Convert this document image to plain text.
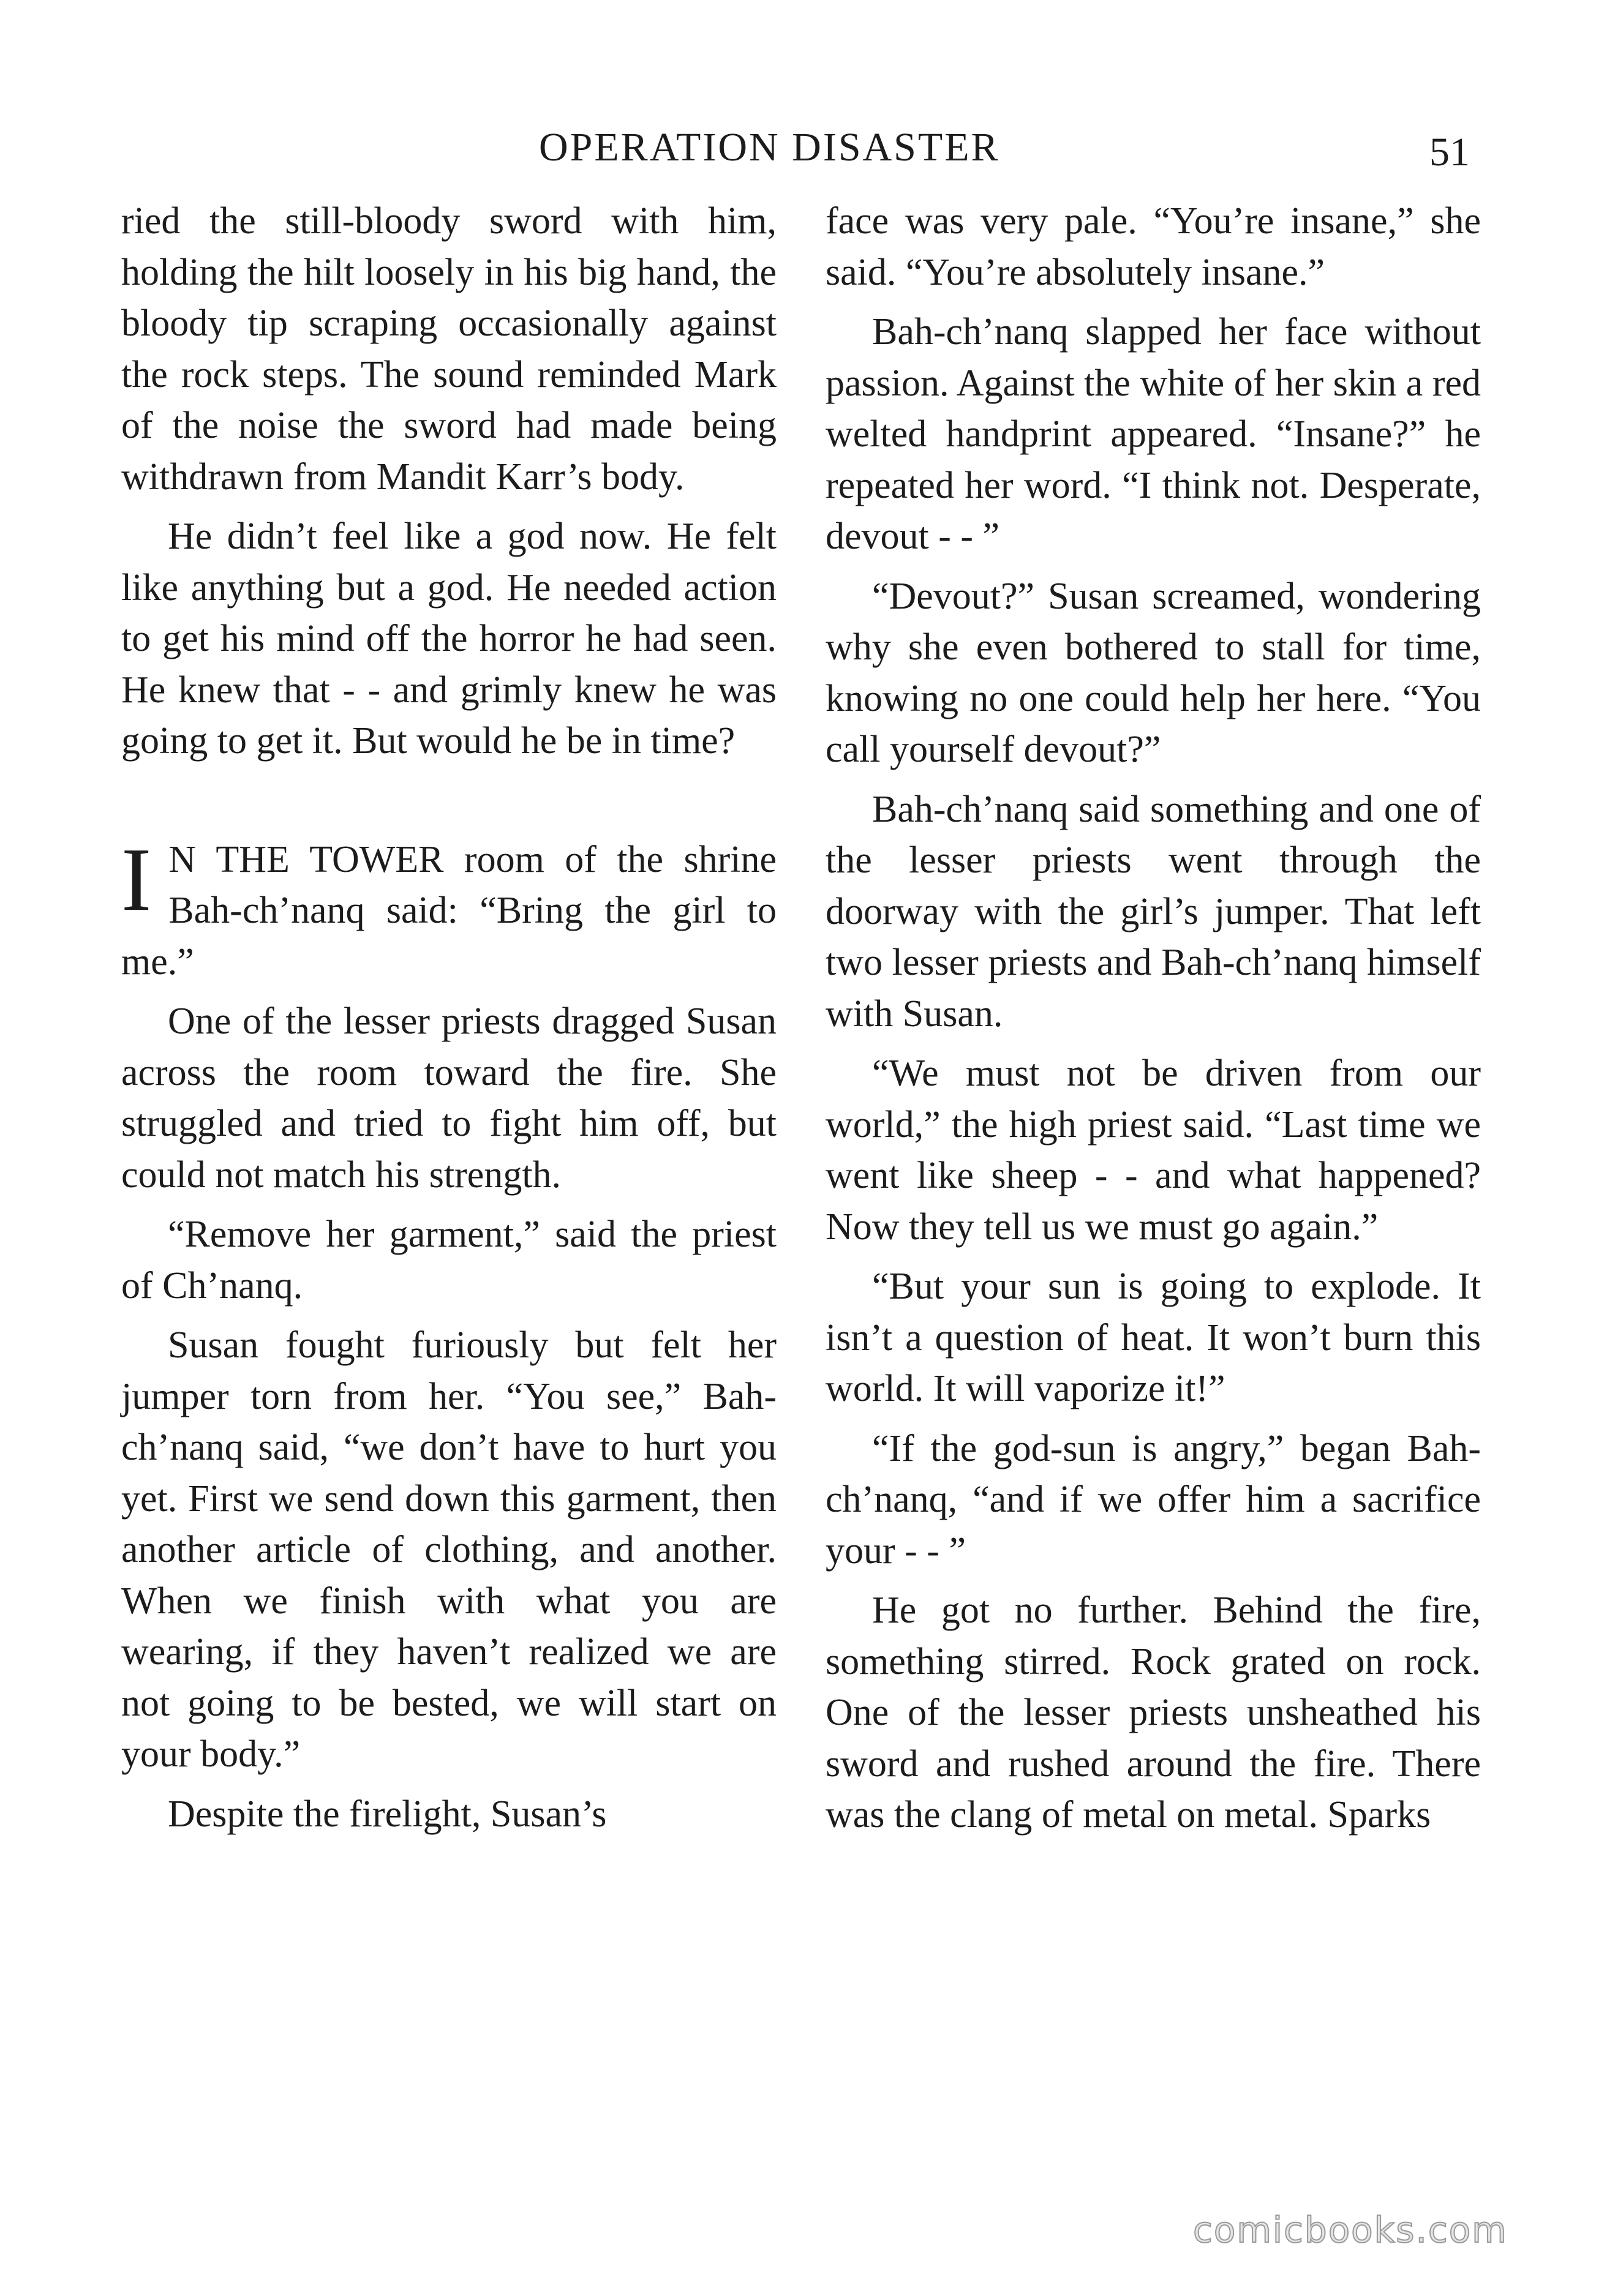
OPERATION DISASTER	51

ried the still-bloody sword with him, holding the hilt loosely in his big hand, the bloody tip scraping occasionally against the rock steps. The sound reminded Mark of the noise the sword had made being withdrawn from Mandit Karr’s body.

He didn’t feel like a god now. He felt like anything but a god. He needed action to get his mind off the horror he had seen. He knew that - - and grimly knew he was going to get it. But would he be in time?

I N THE TOWER room of the shrine Bah-ch’nanq said: “Bring the girl to me.”

One of the lesser priests dragged Susan across the room toward the fire. She struggled and tried to fight him off, but could not match his strength.

“Remove her garment,” said the priest of Ch’nanq.

Susan fought furiously but felt her jumper torn from her. “You see,” Bah-ch’nanq said, “we don’t have to hurt you yet. First we send down this garment, then another article of clothing, and another. When we finish with what you are wearing, if they haven’t realized we are not going to be bested, we will start on your body.”

Despite the firelight, Susan’s

face was very pale. “You’re insane,” she said. “You’re absolutely insane.”

Bah-ch’nanq slapped her face without passion. Against the white of her skin a red welted handprint appeared. “Insane?” he repeated her word. “I think not. Desperate, devout - - ”

“Devout?” Susan screamed, wondering why she even bothered to stall for time, knowing no one could help her here. “You call yourself devout?”

Bah-ch’nanq said something and one of the lesser priests went through the doorway with the girl’s jumper. That left two lesser priests and Bah-ch’nanq himself with Susan.

“We must not be driven from our world,” the high priest said. “Last time we went like sheep - - and what happened? Now they tell us we must go again.”

“But your sun is going to explode. It isn’t a question of heat. It won’t burn this world. It will vaporize it!”

“If the god-sun is angry,” began Bah-ch’nanq, “and if we offer him a sacrifice your - - ”

He got no further. Behind the fire, something stirred. Rock grated on rock. One of the lesser priests unsheathed his sword and rushed around the fire. There was the clang of metal on metal. Sparks

comicbooks.com
